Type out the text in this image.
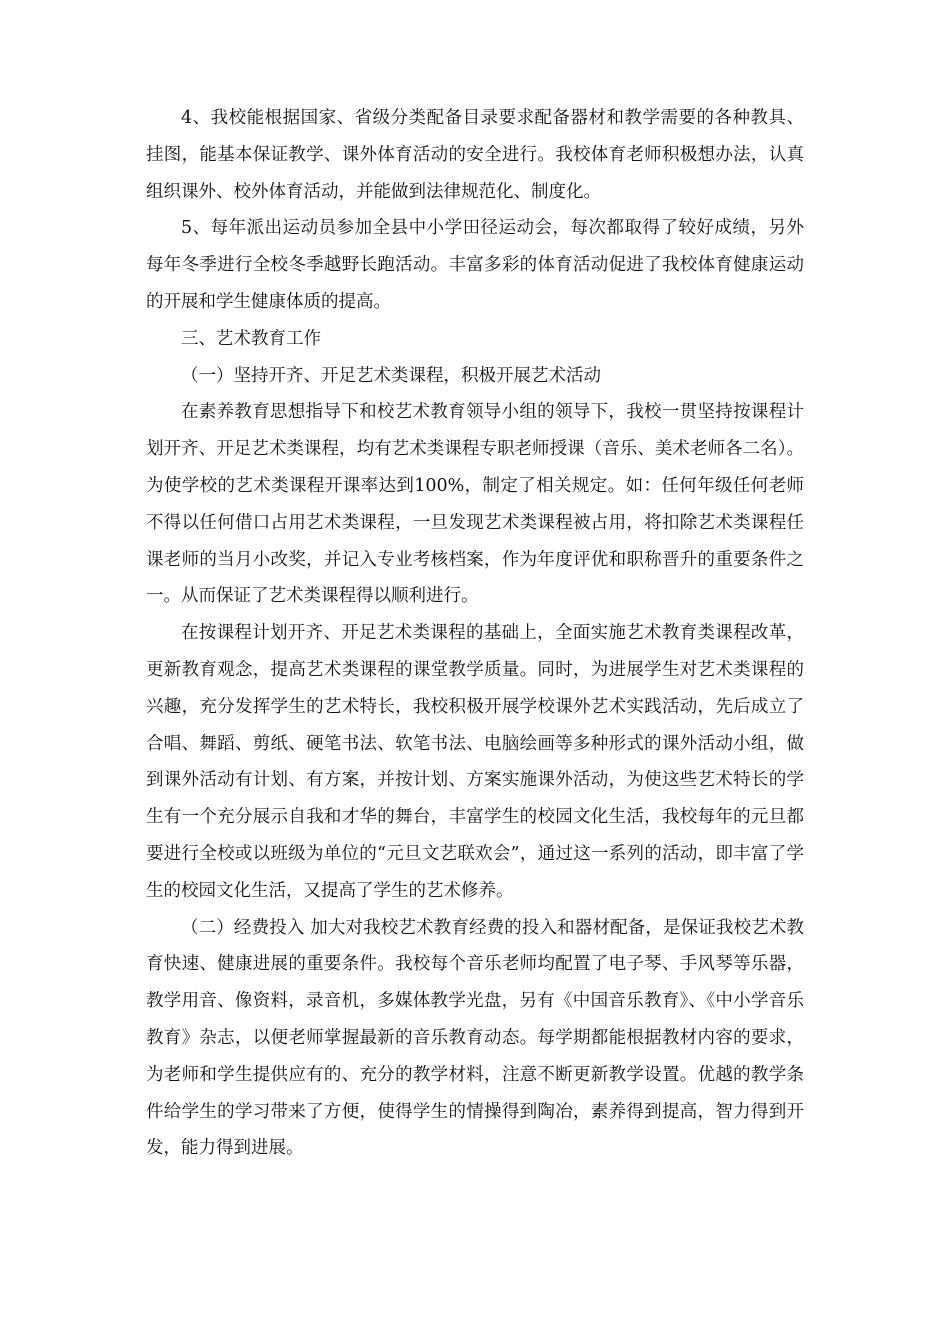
4、我校能根据国家、省级分类配备目录要求配备器材和教学需要的各种教具、挂图，能基本保证教学、课外体育活动的安全进行。我校体育老师积极想办法，认真组织课外、校外体育活动，并能做到法律规范化、制度化。

5、每年派出运动员参加全县中小学田径运动会，每次都取得了较好成绩，另外每年冬季进行全校冬季越野长跑活动。丰富多彩的体育活动促进了我校体育健康运动的开展和学生健康体质的提高。

三、艺术教育工作

（一）坚持开齐、开足艺术类课程，积极开展艺术活动

在素养教育思想指导下和校艺术教育领导小组的领导下，我校一贯坚持按课程计划开齐、开足艺术类课程，均有艺术类课程专职老师授课（音乐、美术老师各二名）。为使学校的艺术类课程开课率达到100%，制定了相关规定。如：任何年级任何老师不得以任何借口占用艺术类课程，一旦发现艺术类课程被占用，将扣除艺术类课程任课老师的当月小改奖，并记入专业考核档案，作为年度评优和职称晋升的重要条件之一。从而保证了艺术类课程得以顺利进行。

在按课程计划开齐、开足艺术类课程的基础上，全面实施艺术教育类课程改革，更新教育观念，提高艺术类课程的课堂教学质量。同时，为进展学生对艺术类课程的兴趣，充分发挥学生的艺术特长，我校积极开展学校课外艺术实践活动，先后成立了合唱、舞蹈、剪纸、硬笔书法、软笔书法、电脑绘画等多种形式的课外活动小组，做到课外活动有计划、有方案，并按计划、方案实施课外活动，为使这些艺术特长的学生有一个充分展示自我和才华的舞台，丰富学生的校园文化生活，我校每年的元旦都要进行全校或以班级为单位的“元旦文艺联欢会”，通过这一系列的活动，即丰富了学生的校园文化生活，又提高了学生的艺术修养。

（二）经费投入 加大对我校艺术教育经费的投入和器材配备，是保证我校艺术教育快速、健康进展的重要条件。我校每个音乐老师均配置了电子琴、手风琴等乐器，教学用音、像资料，录音机，多媒体教学光盘，另有《中国音乐教育》、《中小学音乐教育》杂志，以便老师掌握最新的音乐教育动态。每学期都能根据教材内容的要求，为老师和学生提供应有的、充分的教学材料，注意不断更新教学设置。优越的教学条件给学生的学习带来了方便，使得学生的情操得到陶冶，素养得到提高，智力得到开发，能力得到进展。
